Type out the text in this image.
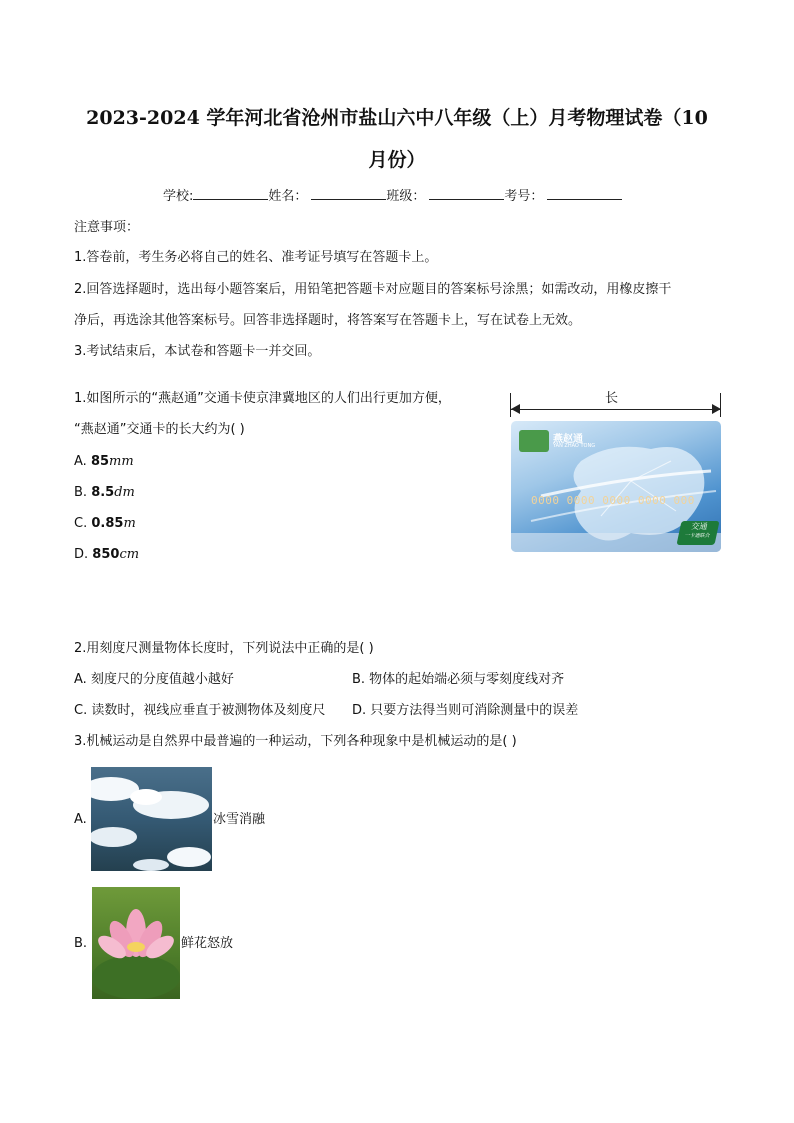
2023-2024 学年河北省沧州市盐山六中八年级（上）月考物理试卷（10
月份）
学校:	姓名：	班级：	考号：
注意事项：
1.答卷前，考生务必将自己的姓名、准考证号填写在答题卡上。
2.回答选择题时，选出每小题答案后，用铅笔把答题卡对应题目的答案标号涂黑；如需改动，用橡皮擦干
净后，再选涂其他答案标号。回答非选择题时，将答案写在答题卡上，写在试卷上无效。
3.考试结束后，本试卷和答题卡一并交回。
1.如图所示的“燕赵通”交通卡使京津冀地区的人们出行更加方便，
“燕赵通”交通卡的长大约为( )
A. 85mm
B. 8.5dm
C. 0.85m
D. 850cm
长
燕赵通
YAN ZHAO TONG
0000 0000 0000 0000 000
交通
一卡通联合
2.用刻度尺测量物体长度时，下列说法中正确的是( )
A. 刻度尺的分度值越小越好	B. 物体的起始端必须与零刻度线对齐
C. 读数时，视线应垂直于被测物体及刻度尺 D. 只要方法得当则可消除测量中的误差
3.机械运动是自然界中最普遍的一种运动，下列各种现象中是机械运动的是( )
A.	冰雪消融
B.	鲜花怒放
